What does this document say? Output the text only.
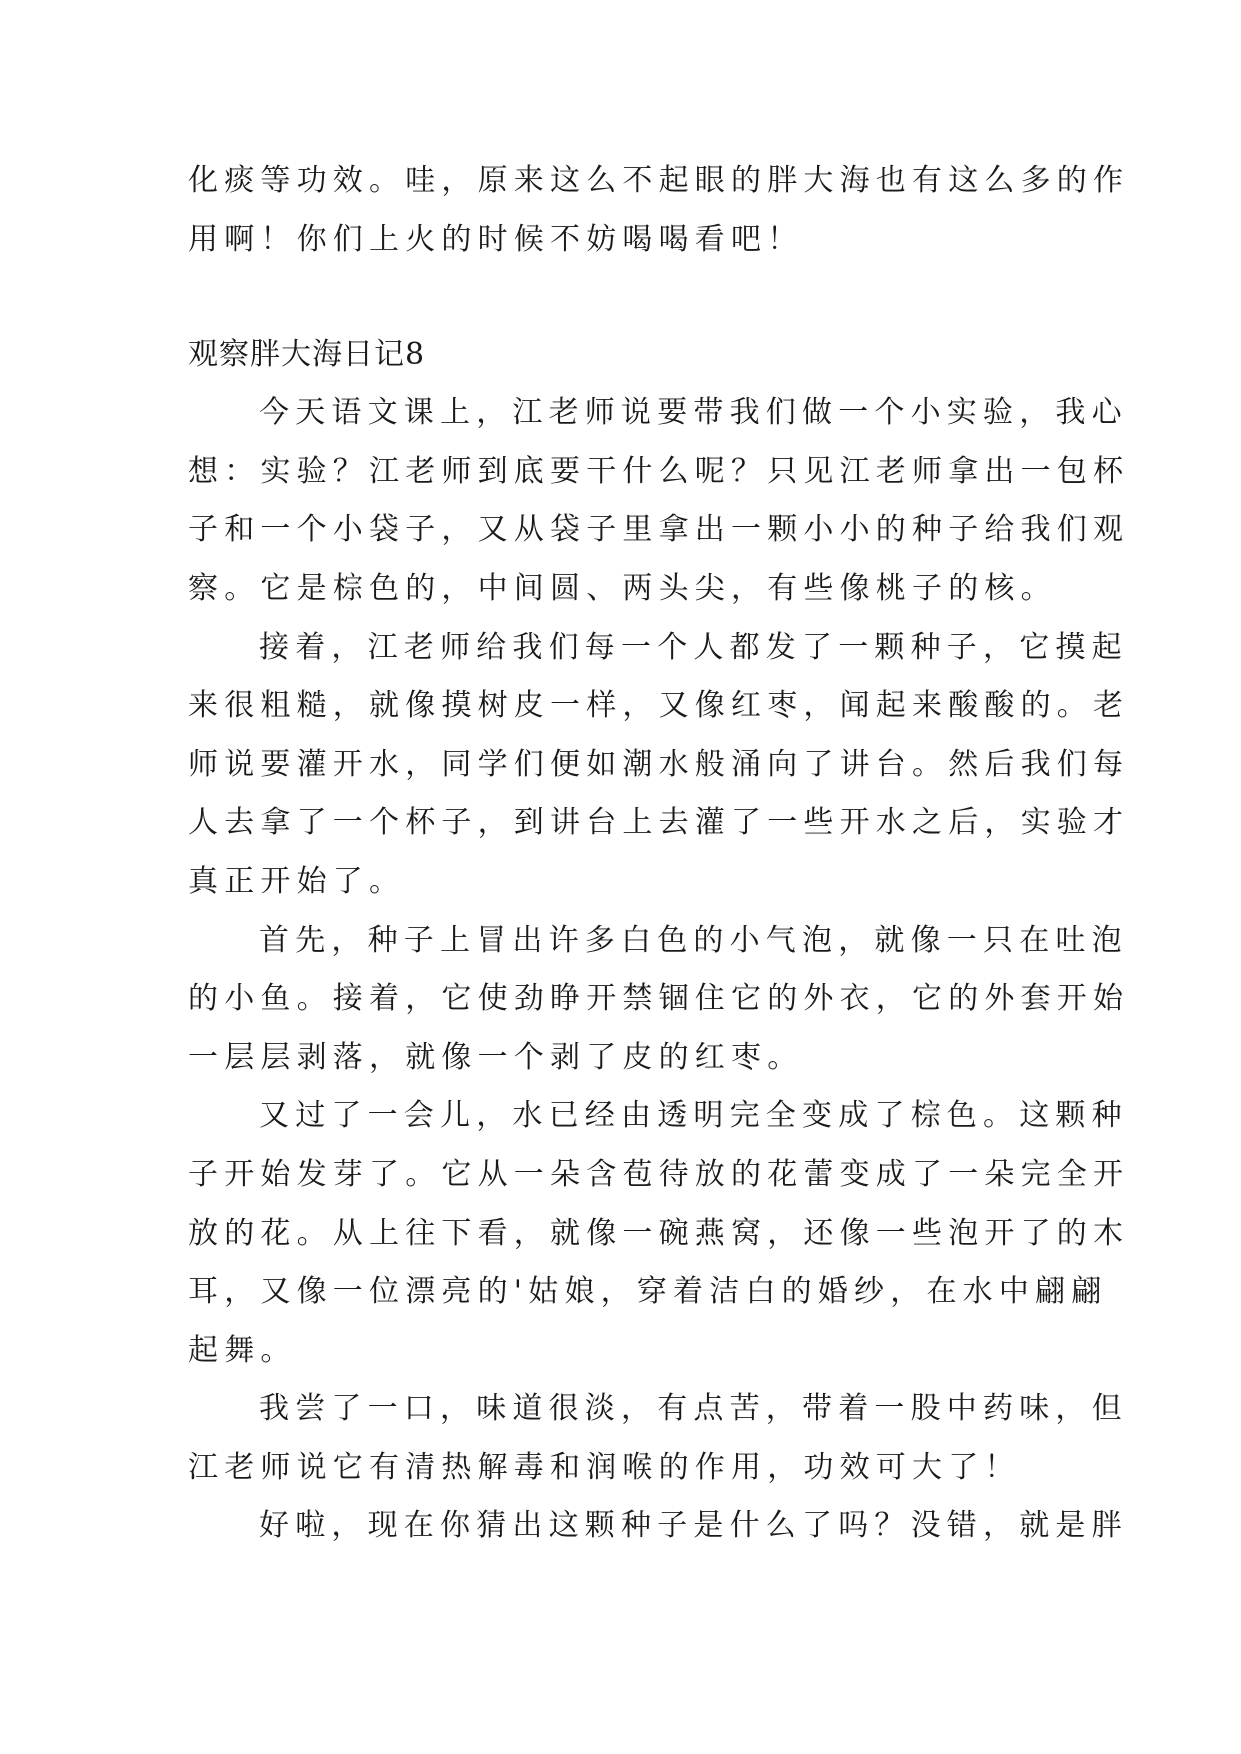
化痰等功效。哇，原来这么不起眼的胖大海也有这么多的作
用啊！你们上火的时候不妨喝喝看吧！
观察胖大海日记8
今天语文课上，江老师说要带我们做一个小实验，我心
想：实验？江老师到底要干什么呢？只见江老师拿出一包杯
子和一个小袋子，又从袋子里拿出一颗小小的种子给我们观
察。它是棕色的，中间圆、两头尖，有些像桃子的核。
接着，江老师给我们每一个人都发了一颗种子，它摸起
来很粗糙，就像摸树皮一样，又像红枣，闻起来酸酸的。老
师说要灌开水，同学们便如潮水般涌向了讲台。然后我们每
人去拿了一个杯子，到讲台上去灌了一些开水之后，实验才
真正开始了。
首先，种子上冒出许多白色的小气泡，就像一只在吐泡
的小鱼。接着，它使劲睁开禁锢住它的外衣，它的外套开始
一层层剥落，就像一个剥了皮的红枣。
又过了一会儿，水已经由透明完全变成了棕色。这颗种
子开始发芽了。它从一朵含苞待放的花蕾变成了一朵完全开
放的花。从上往下看，就像一碗燕窝，还像一些泡开了的木
耳，又像一位漂亮的'姑娘，穿着洁白的婚纱，在水中翩翩
起舞。
我尝了一口，味道很淡，有点苦，带着一股中药味，但
江老师说它有清热解毒和润喉的作用，功效可大了！
好啦，现在你猜出这颗种子是什么了吗？没错，就是胖
